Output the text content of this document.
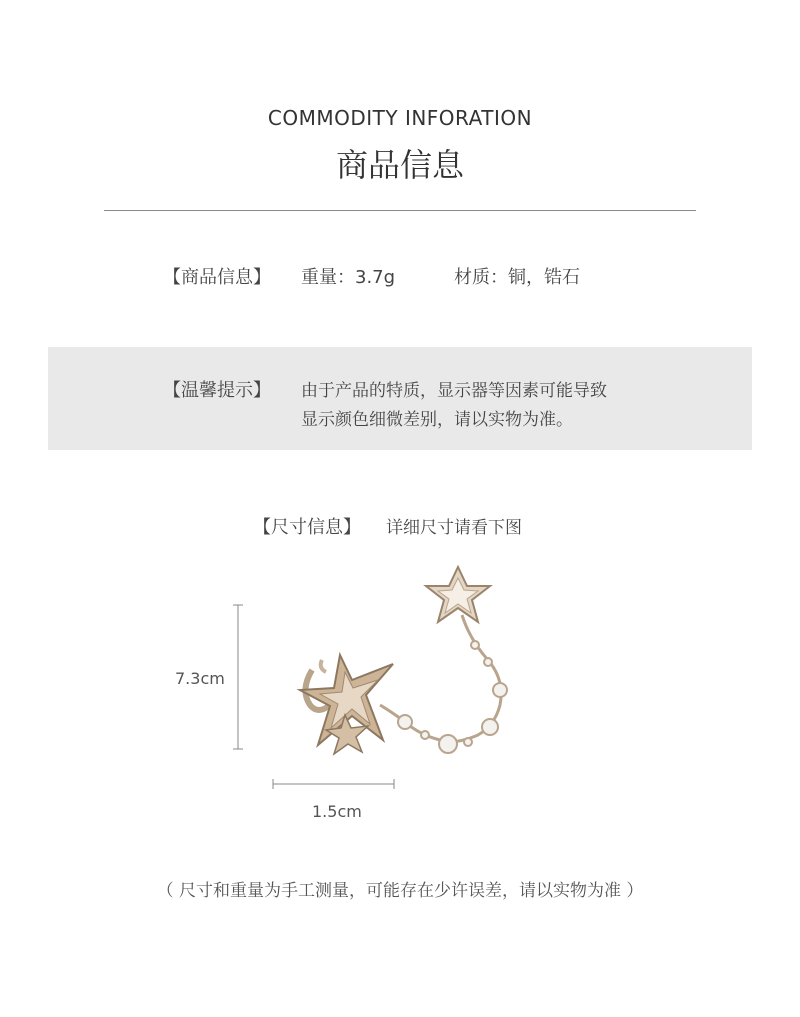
COMMODITY INFORATION
商品信息
【商品信息】 重量：3.7g	材质：铜，锆石
【温馨提示】 由于产品的特质，显示器等因素可能导致
显示颜色细微差别，请以实物为准。
【尺寸信息】 详细尺寸请看下图
7.3cm
1.5cm
（ 尺寸和重量为手工测量，可能存在少许误差，请以实物为准 ）
